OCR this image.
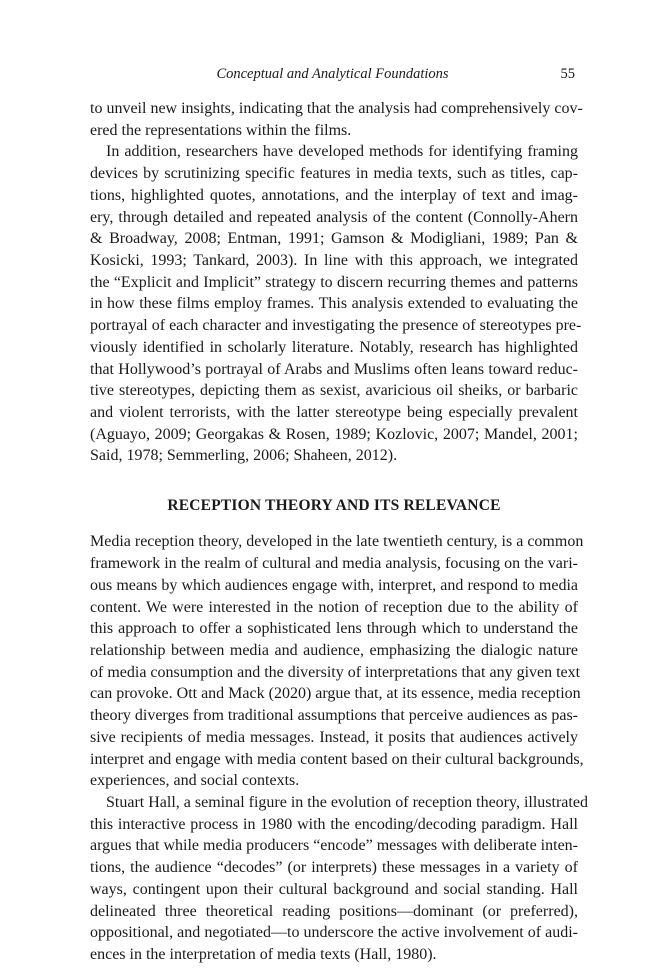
Conceptual and Analytical Foundations	55
to unveil new insights, indicating that the analysis had comprehensively cov-
ered the representations within the films.
In addition, researchers have developed methods for identifying framing
devices by scrutinizing specific features in media texts, such as titles, cap-
tions, highlighted quotes, annotations, and the interplay of text and imag-
ery, through detailed and repeated analysis of the content (Connolly-Ahern
& Broadway, 2008; Entman, 1991; Gamson & Modigliani, 1989; Pan &
Kosicki, 1993; Tankard, 2003). In line with this approach, we integrated
the “Explicit and Implicit” strategy to discern recurring themes and patterns
in how these films employ frames. This analysis extended to evaluating the
portrayal of each character and investigating the presence of stereotypes pre-
viously identified in scholarly literature. Notably, research has highlighted
that Hollywood’s portrayal of Arabs and Muslims often leans toward reduc-
tive stereotypes, depicting them as sexist, avaricious oil sheiks, or barbaric
and violent terrorists, with the latter stereotype being especially prevalent
(Aguayo, 2009; Georgakas & Rosen, 1989; Kozlovic, 2007; Mandel, 2001;
Said, 1978; Semmerling, 2006; Shaheen, 2012).
RECEPTION THEORY AND ITS RELEVANCE
Media reception theory, developed in the late twentieth century, is a common
framework in the realm of cultural and media analysis, focusing on the vari-
ous means by which audiences engage with, interpret, and respond to media
content. We were interested in the notion of reception due to the ability of
this approach to offer a sophisticated lens through which to understand the
relationship between media and audience, emphasizing the dialogic nature
of media consumption and the diversity of interpretations that any given text
can provoke. Ott and Mack (2020) argue that, at its essence, media reception
theory diverges from traditional assumptions that perceive audiences as pas-
sive recipients of media messages. Instead, it posits that audiences actively
interpret and engage with media content based on their cultural backgrounds,
experiences, and social contexts.
Stuart Hall, a seminal figure in the evolution of reception theory, illustrated
this interactive process in 1980 with the encoding/decoding paradigm. Hall
argues that while media producers “encode” messages with deliberate inten-
tions, the audience “decodes” (or interprets) these messages in a variety of
ways, contingent upon their cultural background and social standing. Hall
delineated three theoretical reading positions—dominant (or preferred),
oppositional, and negotiated—to underscore the active involvement of audi-
ences in the interpretation of media texts (Hall, 1980).
